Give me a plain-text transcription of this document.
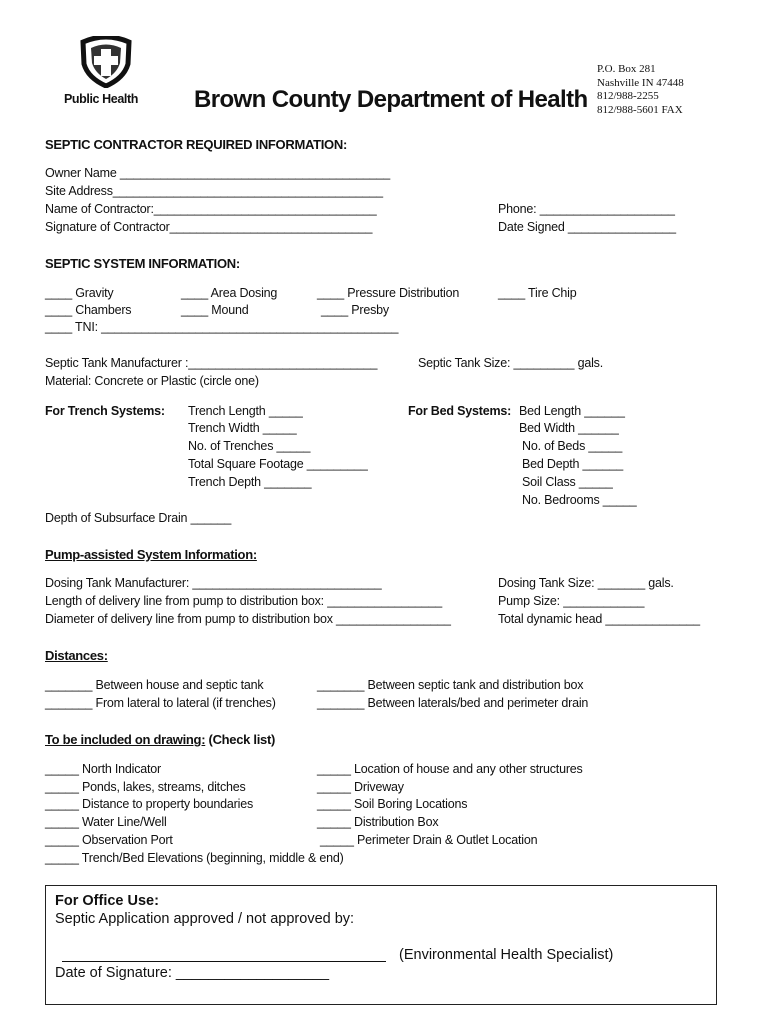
Public Health Brown County Department of Health
P.O. Box 281
Nashville IN 47448
812/988-2255
812/988-5601 FAX
SEPTIC CONTRACTOR REQUIRED INFORMATION:
Owner Name ________________________________________
Site Address________________________________________
Name of Contractor:_________________________________
Signature of Contractor______________________________
Phone: ____________________
Date Signed ________________
SEPTIC SYSTEM INFORMATION:
____ Gravity
____ Chambers
____ TNI: ____________________________________________
____ Area Dosing
____ Mound
____ Pressure Distribution
____ Presby
____ Tire Chip
Septic Tank Manufacturer :____________________________	Septic Tank Size: _________ gals.
Material: Concrete or Plastic (circle one)
For Trench Systems: Trench Length _____
Trench Width _____
No. of Trenches _____
Total Square Footage _________
Trench Depth _______
For Bed Systems: Bed Length ______
Bed Width ______
No. of Beds _____
Bed Depth ______
Soil Class _____
No. Bedrooms _____
Depth of Subsurface Drain ______
Pump-assisted System Information:
Dosing Tank Manufacturer: ____________________________
Length of delivery line from pump to distribution box: _________________
Diameter of delivery line from pump to distribution box _________________
Dosing Tank Size: _______ gals.
Pump Size: ____________
Total dynamic head ______________
Distances:
_______ Between house and septic tank
_______ From lateral to lateral (if trenches)
_______ Between septic tank and distribution box
_______ Between laterals/bed and perimeter drain
To be included on drawing: (Check list)
_____ North Indicator
_____ Ponds, lakes, streams, ditches
_____ Distance to property boundaries
_____ Water Line/Well
_____ Observation Port
_____ Trench/Bed Elevations (beginning, middle & end)
_____ Location of house and any other structures
_____ Driveway
_____ Soil Boring Locations
_____ Distribution Box
_____ Perimeter Drain & Outlet Location
For Office Use:
Septic Application approved / not approved by:
(Environmental Health Specialist)
Date of Signature: ___________________
